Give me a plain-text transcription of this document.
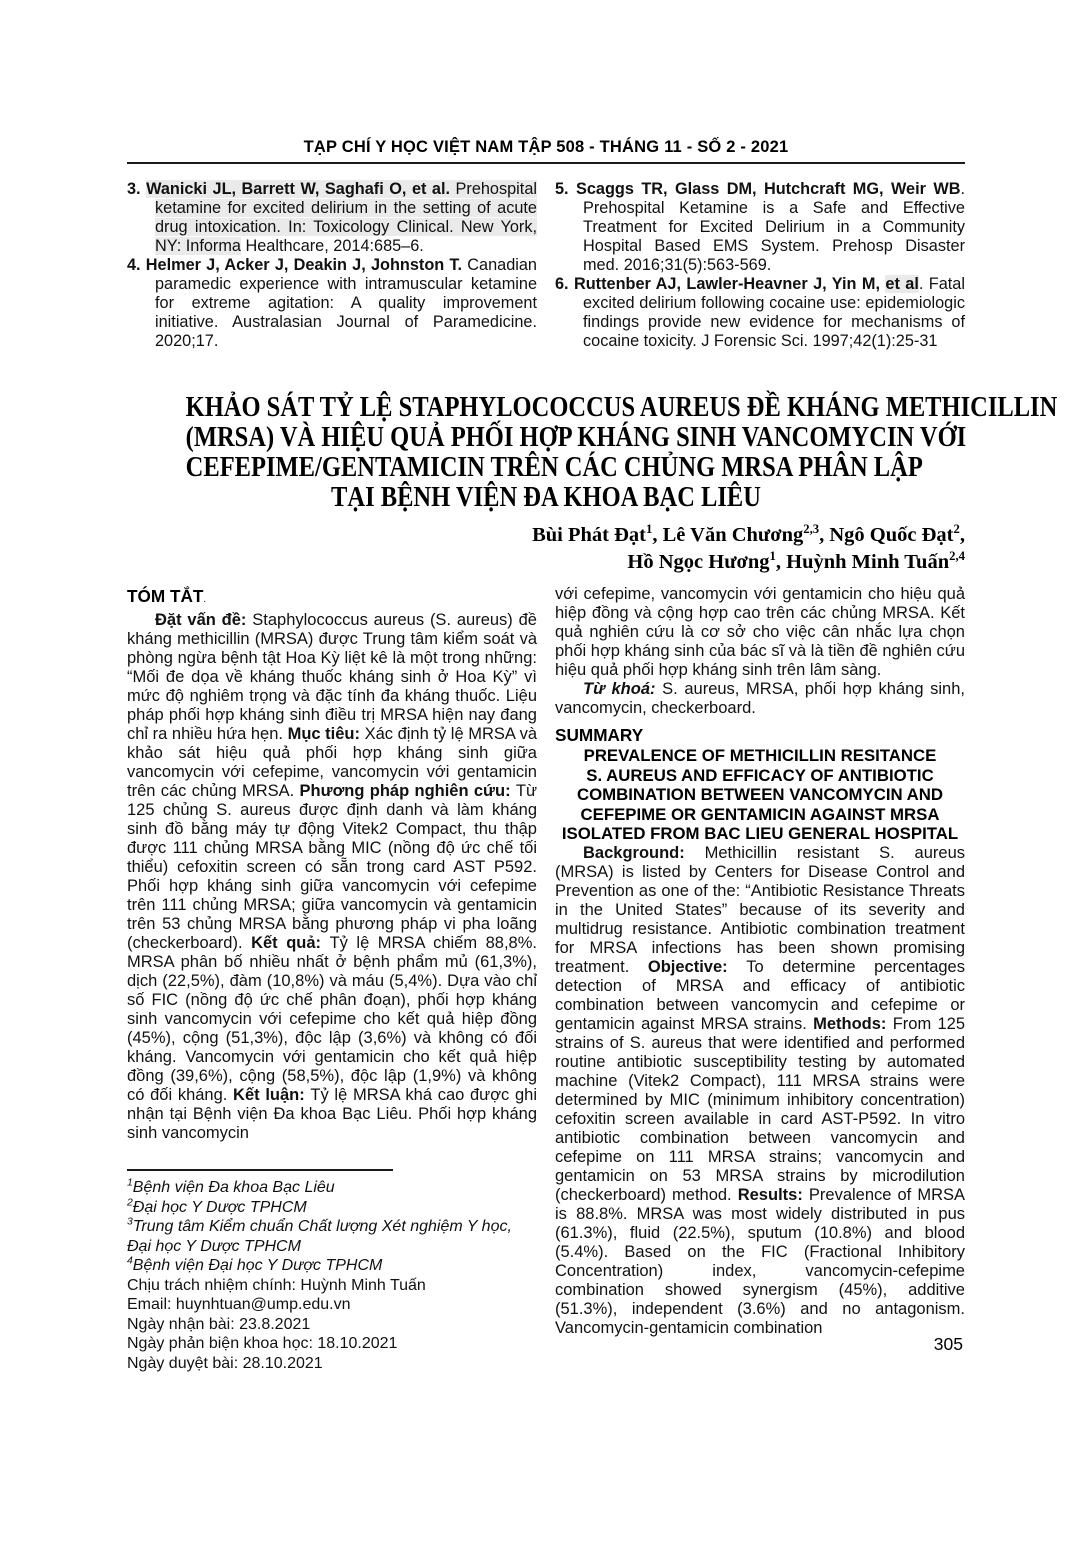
TẠP CHÍ Y HỌC VIỆT NAM TẬP 508 - THÁNG 11 - SỐ 2 - 2021
3. Wanicki JL, Barrett W, Saghafi O, et al. Prehospital ketamine for excited delirium in the setting of acute drug intoxication. In: Toxicology Clinical. New York, NY: Informa Healthcare, 2014:685–6.
4. Helmer J, Acker J, Deakin J, Johnston T. Canadian paramedic experience with intramuscular ketamine for extreme agitation: A quality improvement initiative. Australasian Journal of Paramedicine. 2020;17.
5. Scaggs TR, Glass DM, Hutchcraft MG, Weir WB. Prehospital Ketamine is a Safe and Effective Treatment for Excited Delirium in a Community Hospital Based EMS System. Prehosp Disaster med. 2016;31(5):563-569.
6. Ruttenber AJ, Lawler-Heavner J, Yin M, et al. Fatal excited delirium following cocaine use: epidemiologic findings provide new evidence for mechanisms of cocaine toxicity. J Forensic Sci. 1997;42(1):25-31
KHẢO SÁT TỶ LỆ STAPHYLOCOCCUS AUREUS ĐỀ KHÁNG METHICILLIN
(MRSA) VÀ HIỆU QUẢ PHỐI HỢP KHÁNG SINH VANCOMYCIN VỚI
CEFEPIME/GENTAMICIN TRÊN CÁC CHỦNG MRSA PHÂN LẬP
TẠI BỆNH VIỆN ĐA KHOA BẠC LIÊU
Bùi Phát Đạt$^1$, Lê Văn Chương$^{2,3}$, Ngô Quốc Đạt$^2$,
Hồ Ngọc Hương$^1$, Huỳnh Minh Tuấn$^{2,4}$
TÓM TẮT.

Đặt vấn đề: Staphylococcus aureus (S. aureus) đề kháng methicillin (MRSA) được Trung tâm kiểm soát và phòng ngừa bệnh tật Hoa Kỳ liệt kê là một trong những: “Mối đe dọa về kháng thuốc kháng sinh ở Hoa Kỳ” vì mức độ nghiêm trọng và đặc tính đa kháng thuốc. Liệu pháp phối hợp kháng sinh điều trị MRSA hiện nay đang chỉ ra nhiều hứa hẹn. Mục tiêu: Xác định tỷ lệ MRSA và khảo sát hiệu quả phối hợp kháng sinh giữa vancomycin với cefepime, vancomycin với gentamicin trên các chủng MRSA. Phương pháp nghiên cứu: Từ 125 chủng S. aureus được định danh và làm kháng sinh đồ bằng máy tự động Vitek2 Compact, thu thập được 111 chủng MRSA bằng MIC (nồng độ ức chế tối thiểu) cefoxitin screen có sẵn trong card AST P592. Phối hợp kháng sinh giữa vancomycin với cefepime trên 111 chủng MRSA; giữa vancomycin và gentamicin trên 53 chủng MRSA bằng phương pháp vi pha loãng (checkerboard). Kết quả: Tỷ lệ MRSA chiếm 88,8%. MRSA phân bố nhiều nhất ở bệnh phẩm mủ (61,3%), dịch (22,5%), đàm (10,8%) và máu (5,4%). Dựa vào chỉ số FIC (nồng độ ức chế phân đoạn), phối hợp kháng sinh vancomycin với cefepime cho kết quả hiệp đồng (45%), cộng (51,3%), độc lập (3,6%) và không có đối kháng. Vancomycin với gentamicin cho kết quả hiệp đồng (39,6%), cộng (58,5%), độc lập (1,9%) và không có đối kháng. Kết luận: Tỷ lệ MRSA khá cao được ghi nhận tại Bệnh viện Đa khoa Bạc Liêu. Phối hợp kháng sinh vancomycin

$^1$Bệnh viện Đa khoa Bạc Liêu
$^2$Đại học Y Dược TPHCM
$^3$Trung tâm Kiểm chuẩn Chất lượng Xét nghiệm Y học, Đại học Y Dược TPHCM
$^4$Bệnh viện Đại học Y Dược TPHCM
Chịu trách nhiệm chính: Huỳnh Minh Tuấn
Email: huynhtuan@ump.edu.vn
Ngày nhận bài: 23.8.2021
Ngày phản biện khoa học: 18.10.2021
Ngày duyệt bài: 28.10.2021

với cefepime, vancomycin với gentamicin cho hiệu quả hiệp đồng và cộng hợp cao trên các chủng MRSA. Kết quả nghiên cứu là cơ sở cho việc cân nhắc lựa chọn phối hợp kháng sinh của bác sĩ và là tiền đề nghiên cứu hiệu quả phối hợp kháng sinh trên lâm sàng.

Từ khoá: S. aureus, MRSA, phối hợp kháng sinh, vancomycin, checkerboard.

SUMMARY
PREVALENCE OF METHICILLIN RESITANCE
S. AUREUS AND EFFICACY OF ANTIBIOTIC
COMBINATION BETWEEN VANCOMYCIN AND
CEFEPIME OR GENTAMICIN AGAINST MRSA
ISOLATED FROM BAC LIEU GENERAL HOSPITAL

Background: Methicillin resistant S. aureus (MRSA) is listed by Centers for Disease Control and Prevention as one of the: “Antibiotic Resistance Threats in the United States” because of its severity and multidrug resistance. Antibiotic combination treatment for MRSA infections has been shown promising treatment. Objective: To determine percentages detection of MRSA and efficacy of antibiotic combination between vancomycin and cefepime or gentamicin against MRSA strains. Methods: From 125 strains of S. aureus that were identified and performed routine antibiotic susceptibility testing by automated machine (Vitek2 Compact), 111 MRSA strains were determined by MIC (minimum inhibitory concentration) cefoxitin screen available in card AST-P592. In vitro antibiotic combination between vancomycin and cefepime on 111 MRSA strains; vancomycin and gentamicin on 53 MRSA strains by microdilution (checkerboard) method. Results: Prevalence of MRSA is 88.8%. MRSA was most widely distributed in pus (61.3%), fluid (22.5%), sputum (10.8%) and blood (5.4%). Based on the FIC (Fractional Inhibitory Concentration) index, vancomycin-cefepime combination showed synergism (45%), additive (51.3%), independent (3.6%) and no antagonism. Vancomycin-gentamicin combination

305
